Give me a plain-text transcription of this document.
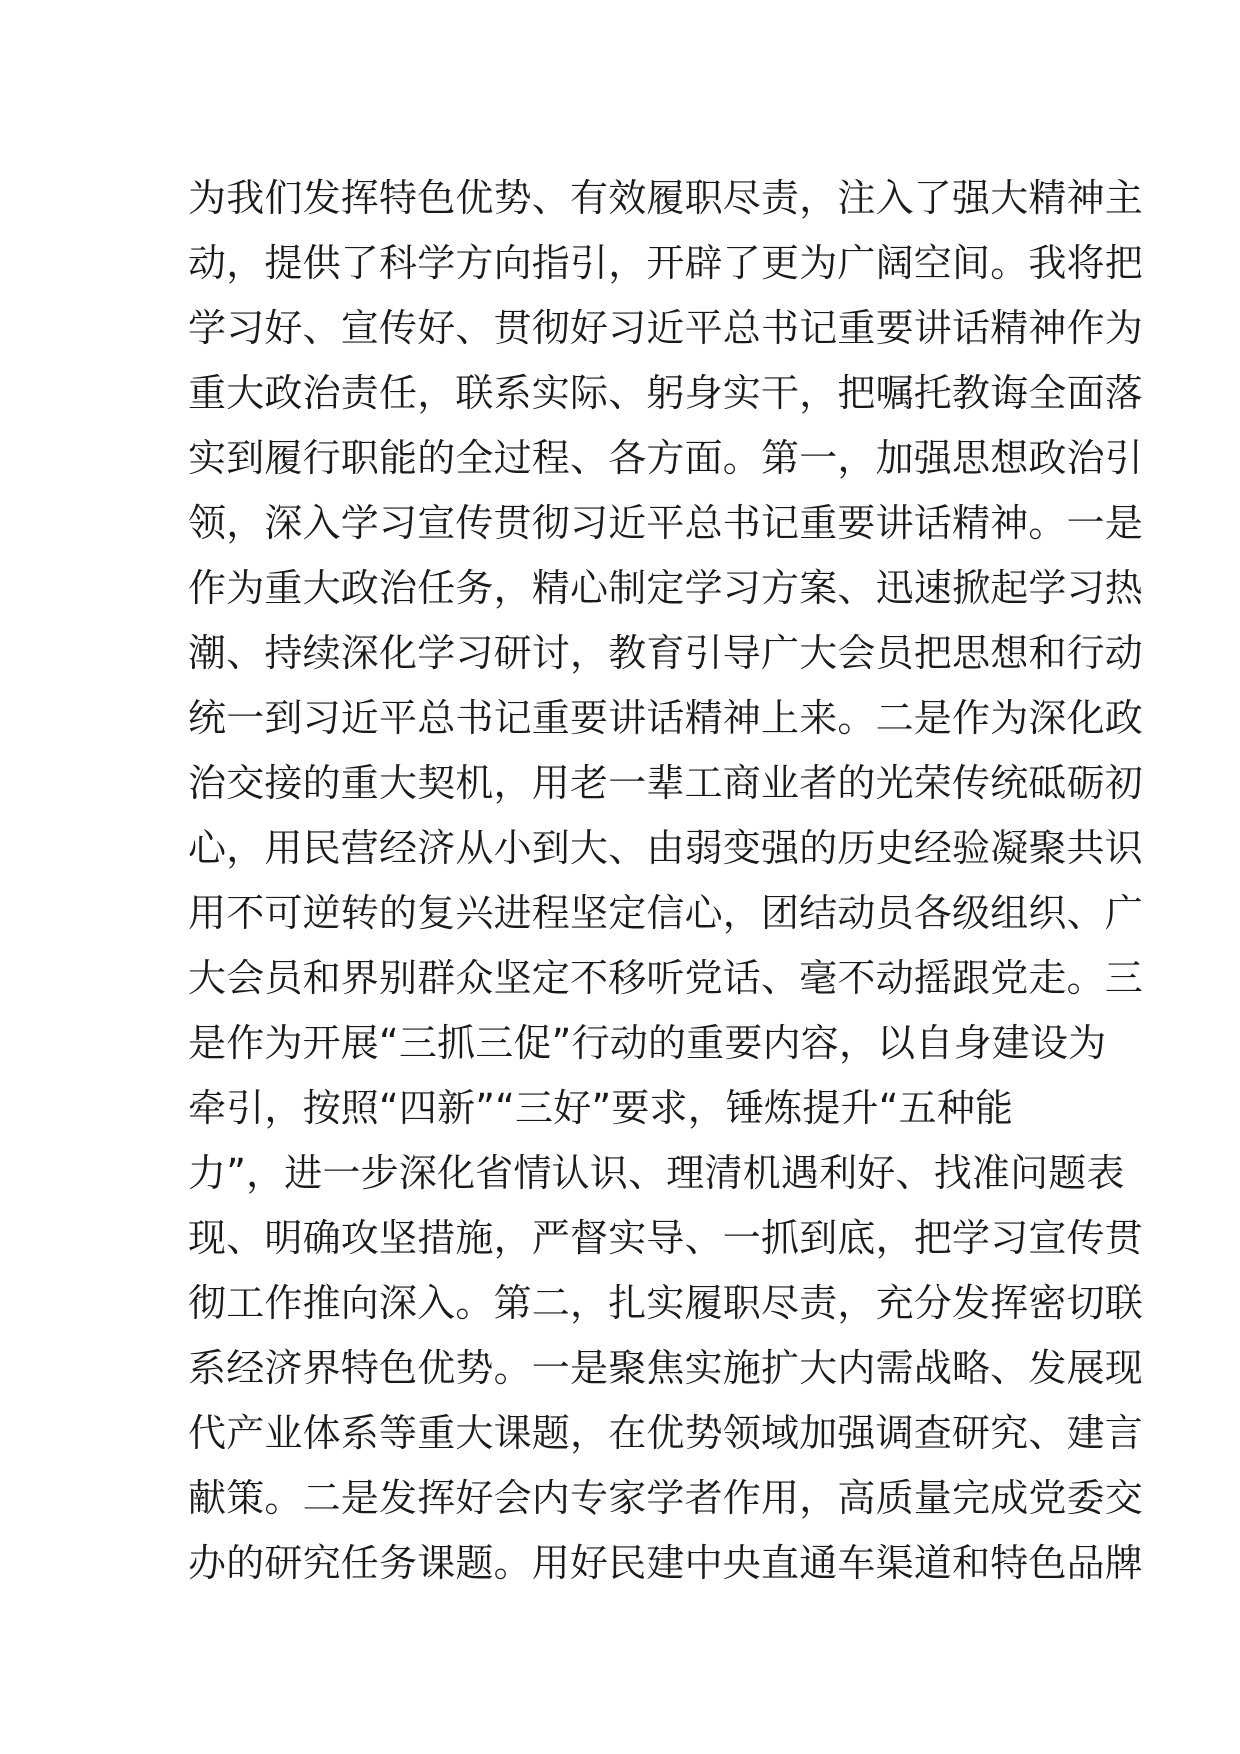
为我们发挥特色优势、有效履职尽责，注入了强大精神主
动，提供了科学方向指引，开辟了更为广阔空间。我将把
学习好、宣传好、贯彻好习近平总书记重要讲话精神作为
重大政治责任，联系实际、躬身实干，把嘱托教诲全面落
实到履行职能的全过程、各方面。第一，加强思想政治引
领，深入学习宣传贯彻习近平总书记重要讲话精神。一是
作为重大政治任务，精心制定学习方案、迅速掀起学习热
潮、持续深化学习研讨，教育引导广大会员把思想和行动
统一到习近平总书记重要讲话精神上来。二是作为深化政
治交接的重大契机，用老一辈工商业者的光荣传统砥砺初
心，用民营经济从小到大、由弱变强的历史经验凝聚共识
用不可逆转的复兴进程坚定信心，团结动员各级组织、广
大会员和界别群众坚定不移听党话、毫不动摇跟党走。三
是作为开展“三抓三促”行动的重要内容，以自身建设为
牵引，按照“四新”“三好”要求，锤炼提升“五种能
力”，进一步深化省情认识、理清机遇利好、找准问题表
现、明确攻坚措施，严督实导、一抓到底，把学习宣传贯
彻工作推向深入。第二，扎实履职尽责，充分发挥密切联
系经济界特色优势。一是聚焦实施扩大内需战略、发展现
代产业体系等重大课题，在优势领域加强调查研究、建言
献策。二是发挥好会内专家学者作用，高质量完成党委交
办的研究任务课题。用好民建中央直通车渠道和特色品牌
